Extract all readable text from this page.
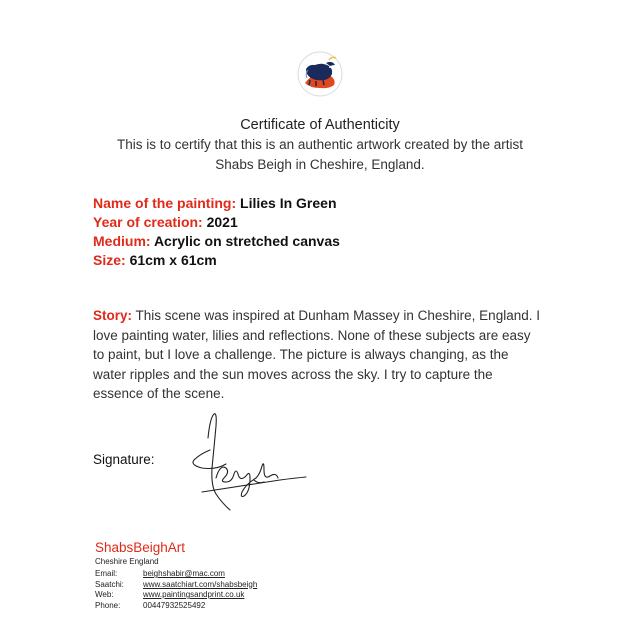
Certificate of Authenticity
This is to certify that this is an authentic artwork created by the artist
Shabs Beigh in Cheshire, England.
Name of the painting: Lilies In Green
Year of creation: 2021
Medium: Acrylic on stretched canvas
Size: 61cm x 61cm
Story: This scene was inspired at Dunham Massey in Cheshire, England. I love painting water, lilies and reflections. None of these subjects are easy to paint, but I love a challenge. The picture is always changing, as the water ripples and the sun moves across the sky. I try to capture the essence of the scene.
Signature:
ShabsBeighArt
Cheshire England
Email:	beighshabir@mac.com
Saatchi: www.saatchiart.com/shabsbeigh
Web:	www.paintingsandprint.co.uk
Phone:	00447932525492
